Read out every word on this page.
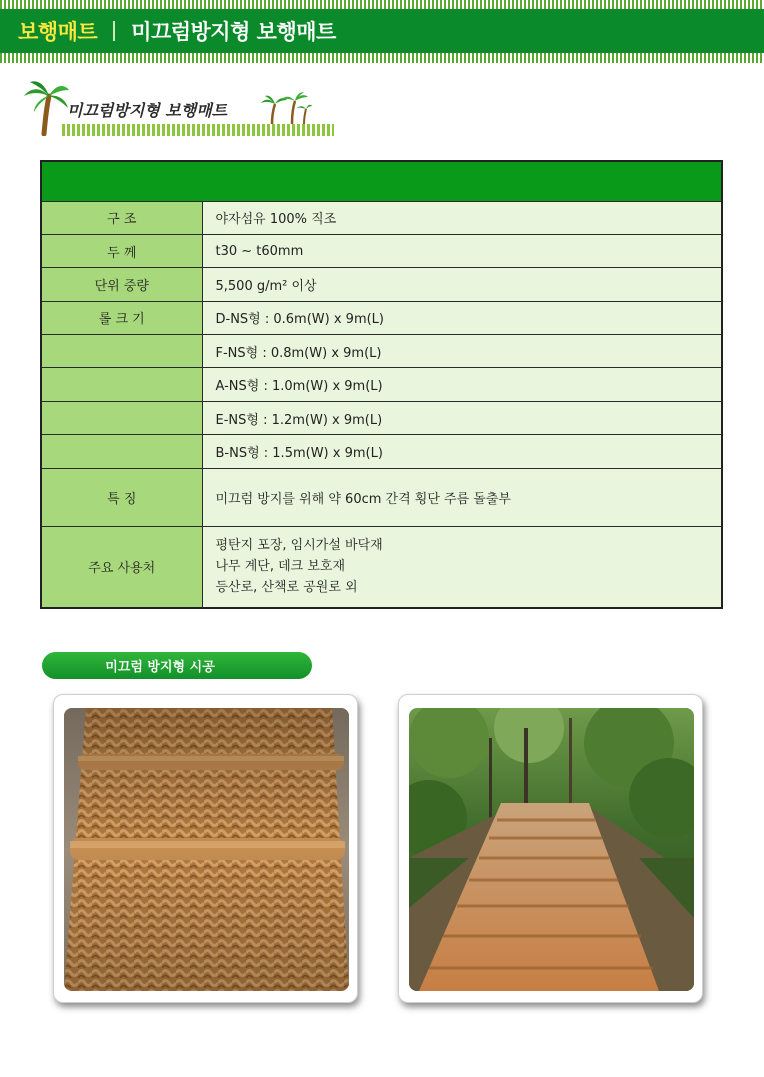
보행매트 미끄럼방지형 보행매트
미끄럼방지형 보행매트

구 조	야자섬유 100% 직조
두 께	t30 ~ t60mm
단위 중량	5,500 g/m² 이상
롤 크 기	D-NS형 : 0.6m(W) x 9m(L)
	F-NS형 : 0.8m(W) x 9m(L)
	A-NS형 : 1.0m(W) x 9m(L)
	E-NS형 : 1.2m(W) x 9m(L)
	B-NS형 : 1.5m(W) x 9m(L)
특 징	미끄럼 방지를 위해 약 60cm 간격 횡단 주름 돌출부
주요 사용처	평탄지 포장, 임시가설 바닥재
나무 계단, 데크 보호재
등산로, 산책로 공원로 외
미끄럼 방지형 시공
